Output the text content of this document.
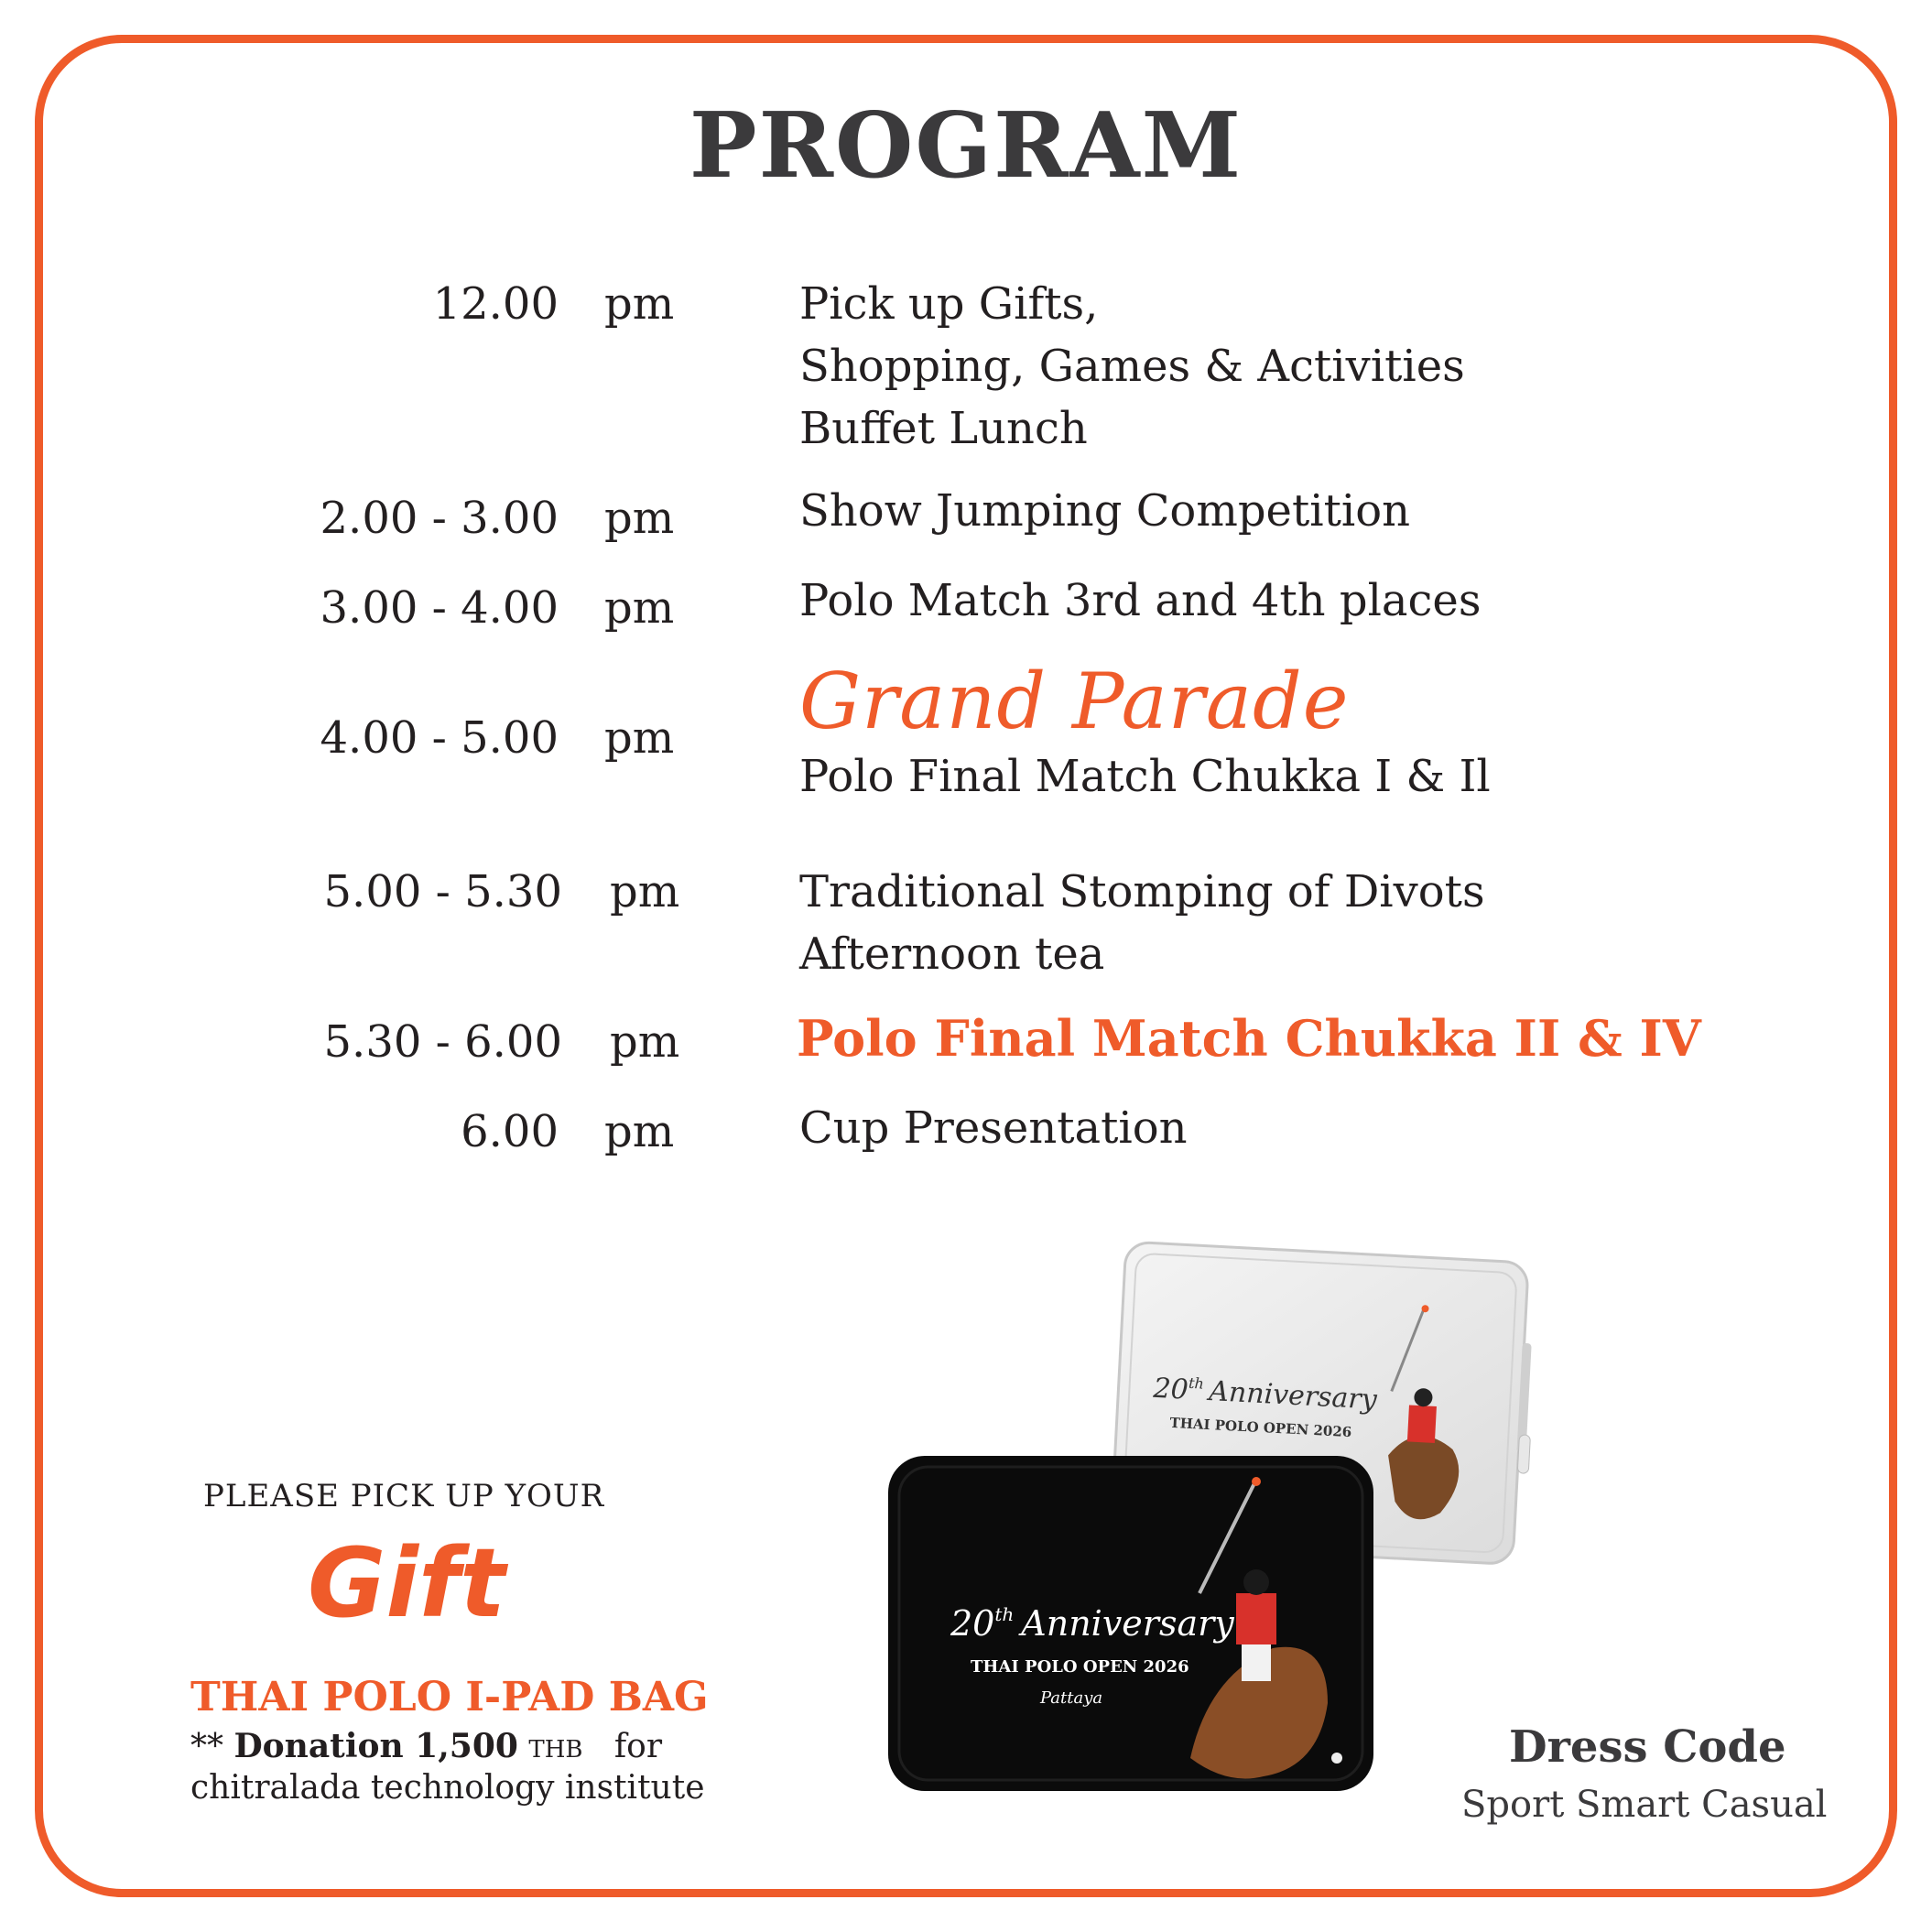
PROGRAM
12.00 pm	Pick up Gifts,
Shopping, Games & Activities
Buffet Lunch
2.00 - 3.00 pm	Show Jumping Competition
3.00 - 4.00 pm	Polo Match 3rd and 4th places
4.00 - 5.00 pm Grand Parade
Polo Final Match Chukka I & Il
5.00 - 5.30 pm	Traditional Stomping of Divots
Afternoon tea
5.30 - 6.00 pm Polo Final Match Chukka II & IV
6.00 pm	Cup Presentation
PLEASE PICK UP YOUR
Gift
THAI POLO I-PAD BAG
** Donation 1,500 THB for
chitralada technology institute
20th Anniversary
THAI POLO OPEN 2026
20th Anniversary
THAI POLO OPEN 2026
Pattaya
Dress Code
Sport Smart Casual
